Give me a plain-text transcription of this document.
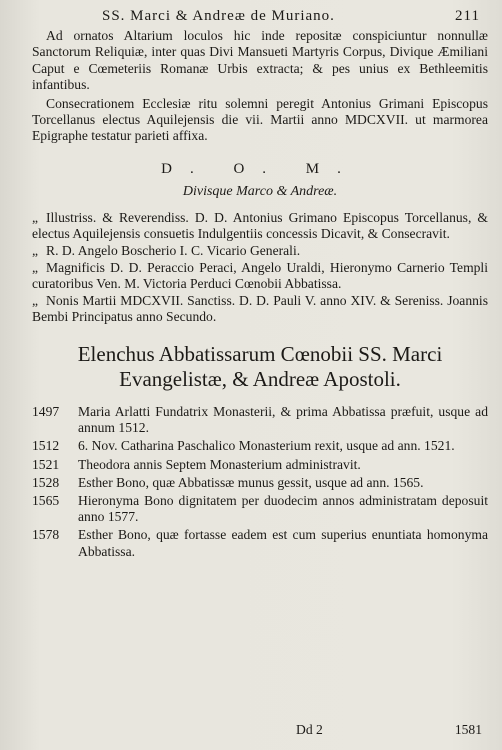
SS. Marci & Andreæ de Muriano.	211

Ad ornatos Altarium loculos hic inde repositæ conspiciuntur nonnullæ Sanctorum Reliquiæ, inter quas Divi Mansueti Martyris Corpus, Divique Æmiliani Caput e Cœmeteriis Romanæ Urbis extracta; & pes unius ex Bethleemitis infantibus.

Consecrationem Ecclesiæ ritu solemni peregit Antonius Grimani Episcopus Torcellanus electus Aquilejensis die vii. Martii anno MDCXVII. ut marmorea Epigraphe testatur parieti affixa.

D. O. M.
Divisque Marco & Andreæ.

„ Illustriss. & Reverendiss. D. D. Antonius Grimano Episcopus Torcellanus, & electus Aquilejensis consuetis Indulgentiis concessis Dicavit, & Consecravit.

„ R. D. Angelo Boscherio I. C. Vicario Generali.

„ Magnificis D. D. Peraccio Peraci, Angelo Uraldi, Hieronymo Carnerio Templi curatoribus Ven. M. Victoria Perduci Cœnobii Abbatissa.

„ Nonis Martii MDCXVII. Sanctiss. D. D. Pauli V. anno XIV. & Sereniss. Joannis Bembi Principatus anno Secundo.

Elenchus Abbatissarum Cœnobii SS. Marci
Evangelistæ, & Andreæ Apostoli.
1497	Maria Arlatti Fundatrix Monasterii, & prima Abbatissa præfuit, usque ad annum 1512.
1512	6. Nov. Catharina Paschalico Monasterium rexit, usque ad ann. 1521.
1521	Theodora annis Septem Monasterium administravit.
1528	Esther Bono, quæ Abbatissæ munus gessit, usque ad ann. 1565.
1565	Hieronyma Bono dignitatem per duodecim annos administratam deposuit anno 1577.
1578	Esther Bono, quæ fortasse eadem est cum superius enuntiata homonyma Abbatissa.
Dd 2	1581
